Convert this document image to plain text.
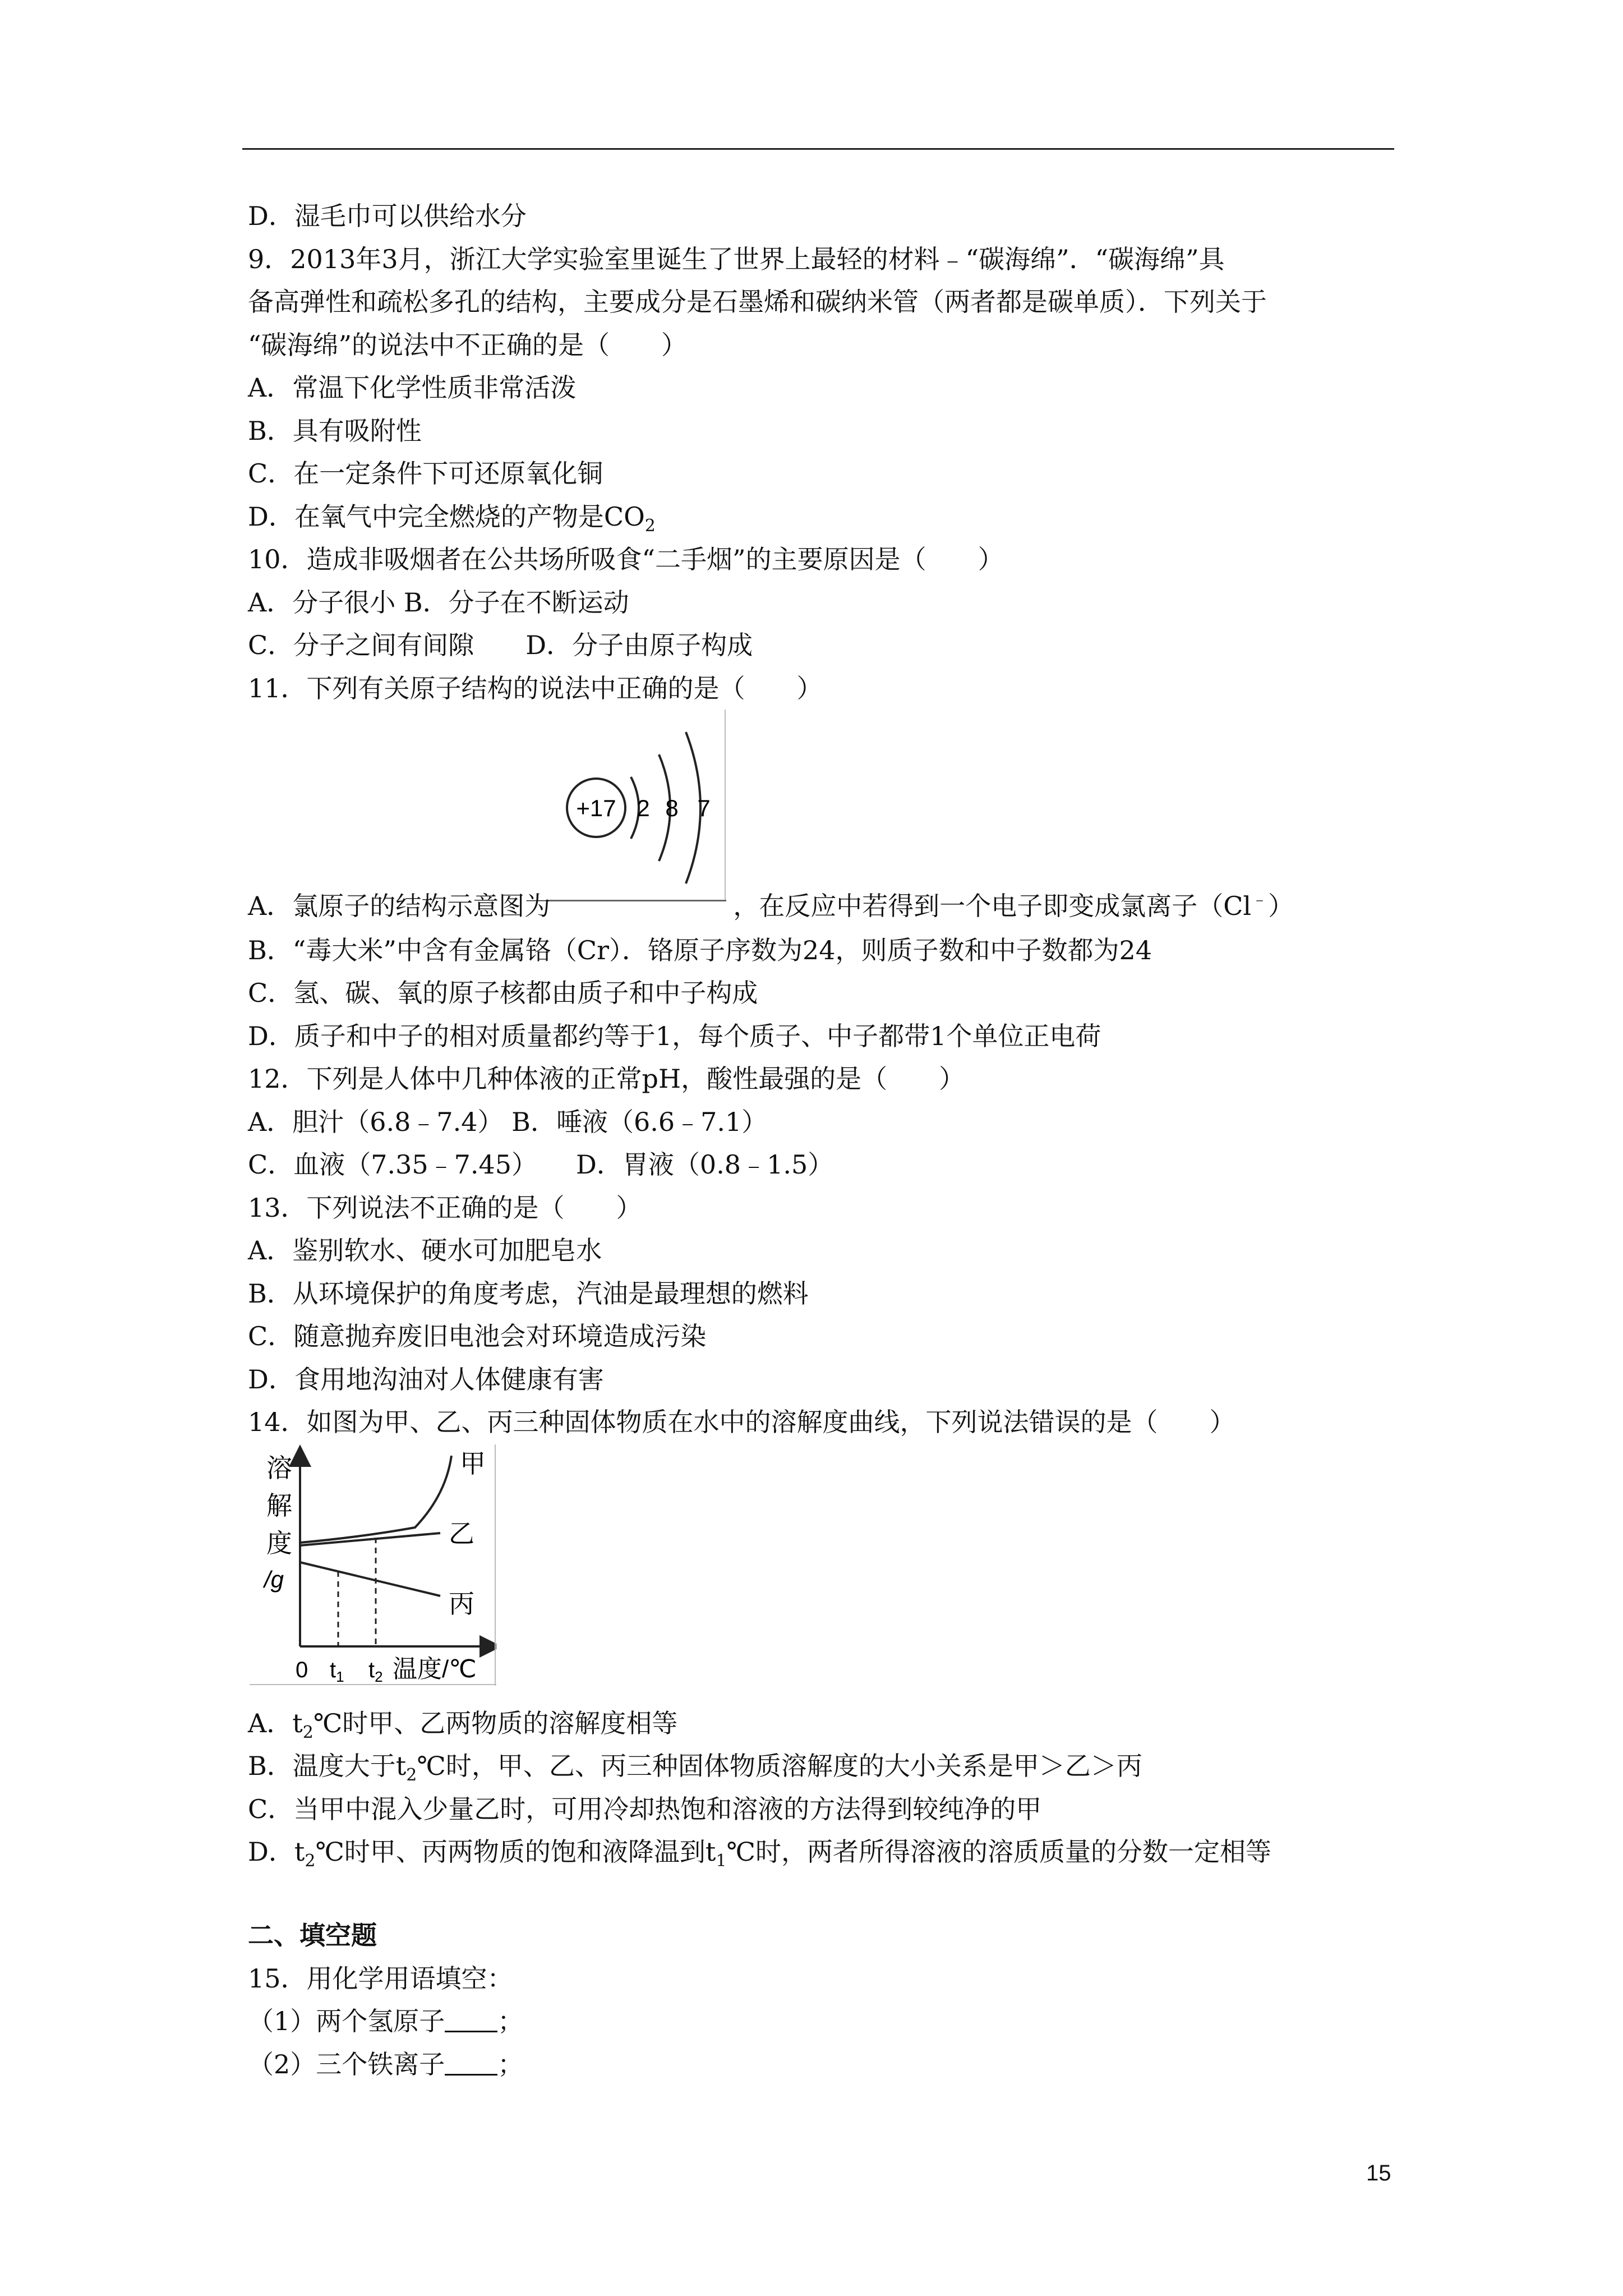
D．湿毛巾可以供给水分
9．2013年3月，浙江大学实验室里诞生了世界上最轻的材料﹣“碳海绵”．“碳海绵”具
备高弹性和疏松多孔的结构，主要成分是石墨烯和碳纳米管（两者都是碳单质）．下列关于
“碳海绵”的说法中不正确的是（　　）
A．常温下化学性质非常活泼
B．具有吸附性
C．在一定条件下可还原氧化铜
D．在氧气中完全燃烧的产物是$CO_2$
10．造成非吸烟者在公共场所吸食“二手烟”的主要原因是（　　）
A．分子很小 B．分子在不断运动
C．分子之间有间隙　　D．分子由原子构成
11．下列有关原子结构的说法中正确的是（　　）
+17 2 8 7
A．氯原子的结构示意图为	，在反应中若得到一个电子即变成氯离子（Cl﹣）
B．“毒大米”中含有金属铬（Cr）．铬原子序数为24，则质子数和中子数都为24
C．氢、碳、氧的原子核都由质子和中子构成
D．质子和中子的相对质量都约等于1，每个质子、中子都带1个单位正电荷
12．下列是人体中几种体液的正常pH，酸性最强的是（　　）
A．胆汁（6.8﹣7.4） B．唾液（6.6﹣7.1）
C．血液（7.35﹣7.45）　　D．胃液（0.8﹣1.5）
13．下列说法不正确的是（　　）
A．鉴别软水、硬水可加肥皂水
B．从环境保护的角度考虑，汽油是最理想的燃料
C．随意抛弃废旧电池会对环境造成污染
D．食用地沟油对人体健康有害
14．如图为甲、乙、丙三种固体物质在水中的溶解度曲线，下列说法错误的是（　　）
溶
解
度
/g
甲
乙
丙
0 $t_1$ $t_2$ 温度/℃
A．$t_2℃$时甲、乙两物质的溶解度相等
B．温度大于$t_2℃$时，甲、乙、丙三种固体物质溶解度的大小关系是甲＞乙＞丙
C．当甲中混入少量乙时，可用冷却热饱和溶液的方法得到较纯净的甲
D．$t_2℃$时甲、丙两物质的饱和液降温到$t_1℃$时，两者所得溶液的溶质质量的分数一定相等
二、填空题
15．用化学用语填空：
（1）两个氢原子 ；
（2）三个铁离子 ；
15
